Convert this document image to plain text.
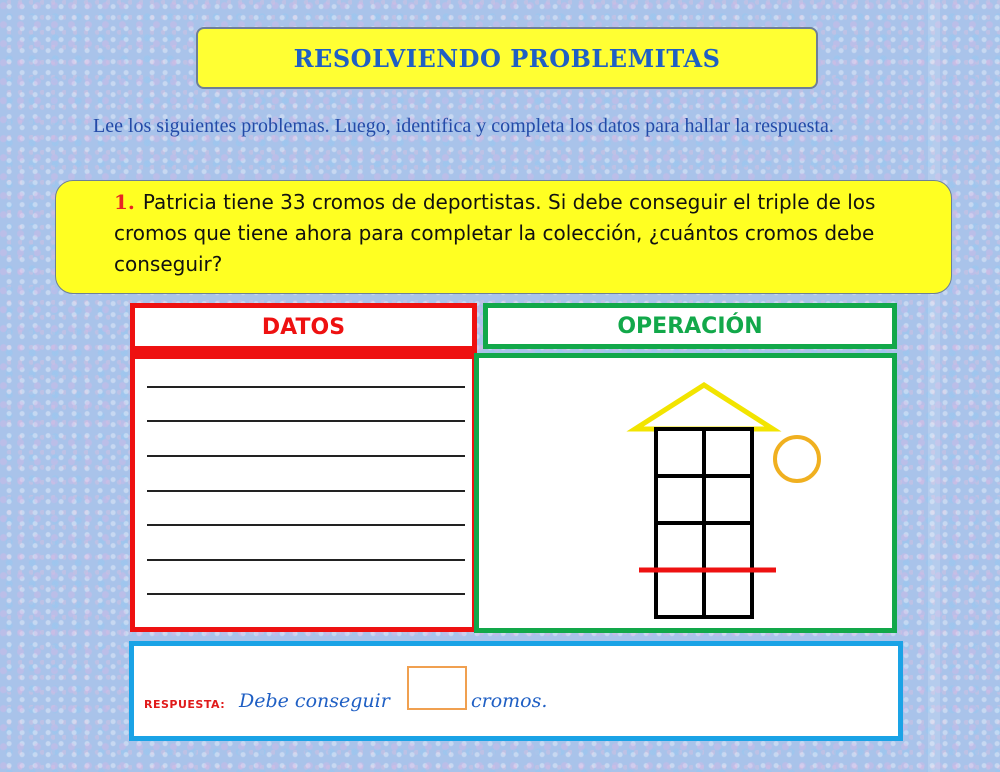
RESOLVIENDO PROBLEMITAS
Lee los siguientes problemas. Luego, identifica y completa los datos para hallar la respuesta.
1. Patricia tiene 33 cromos de deportistas. Si debe conseguir el triple de los cromos que tiene ahora para completar la colección, ¿cuántos cromos debe conseguir?
DATOS	OPERACIÓN
RESPUESTA: Debe conseguir	cromos.
